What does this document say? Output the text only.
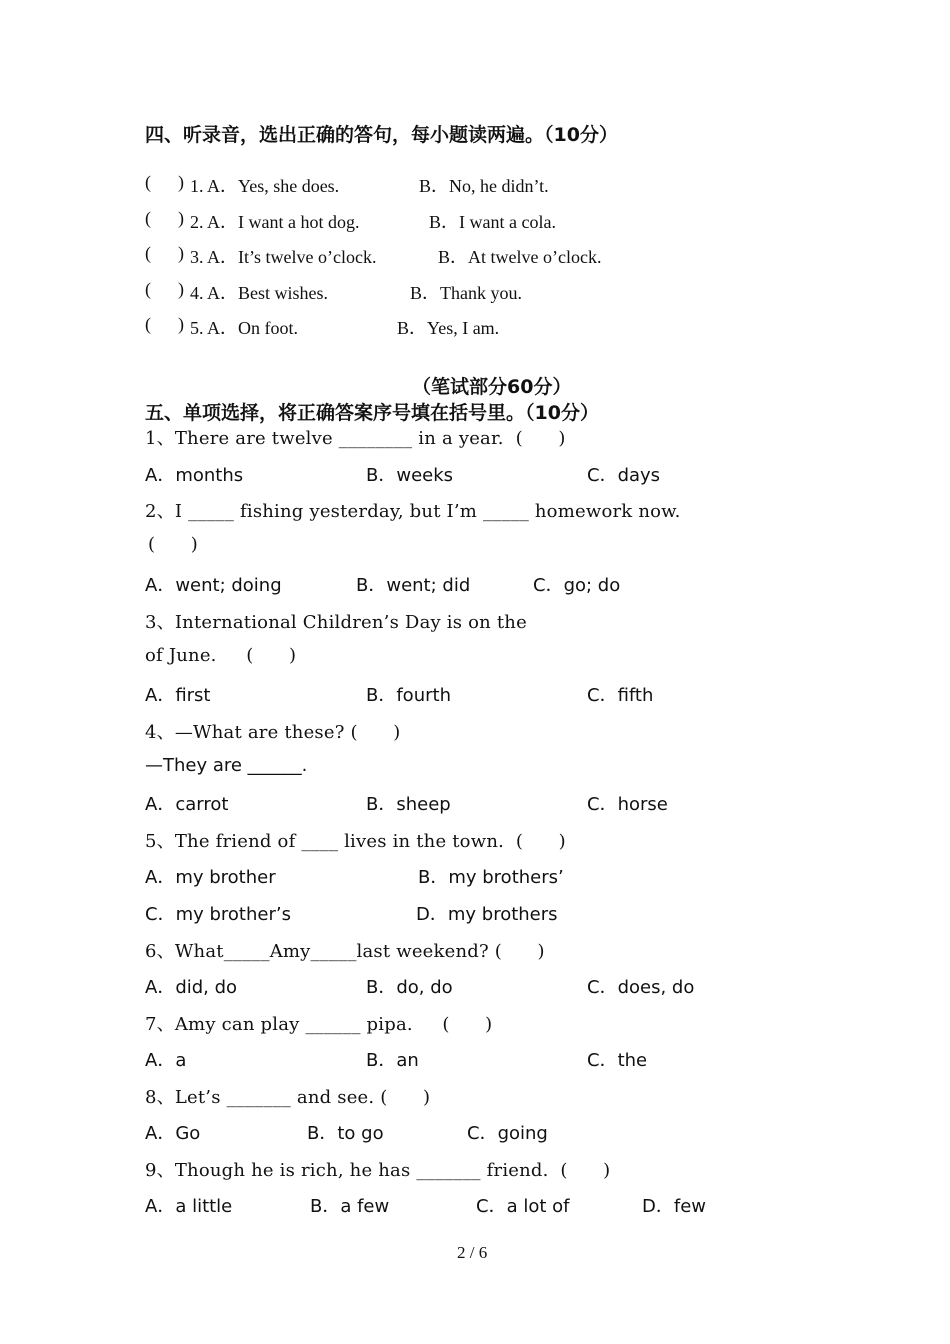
四、听录音，选出正确的答句，每小题读两遍。（10分）
(      ) 1. A．Yes, she does.	B．No, he didn’t.
(      ) 2. A．I want a hot dog.	B．I want a cola.
(      ) 3. A．It’s twelve o’clock.	B．At twelve o’clock.
(      ) 4. A．Best wishes.	B．Thank you.
(      ) 5. A．On foot.	B．Yes, I am.
（笔试部分60分）
五、单项选择，将正确答案序号填在括号里。（10分）
1、There are twelve ________ in a year.  (      )
A．months	B．weeks	C．days
2、I _____ fishing yesterday, but I’m _____ homework now.
(      )
A．went; doing	B．went; did	C．go; do
3、International Children’s Day is on the
of June.     (      )
A．first	B．fourth	C．fifth
4、—What are these? (      )
—They are ______.
A．carrot	B．sheep	C．horse
5、The friend of ____ lives in the town.  (      )
A．my brother	B．my brothers’
C．my brother’s	D．my brothers
6、What_____Amy_____last weekend? (      )
A．did, do	B．do, do	C．does, do
7、Amy can play ______ pipa.     (      )
A．a	B．an	C．the
8、Let’s _______ and see. (      )
A．Go	B．to go	C．going
9、Though he is rich, he has _______ friend.  (      )
A．a little	B．a few	C．a lot of	D．few
2 / 6
